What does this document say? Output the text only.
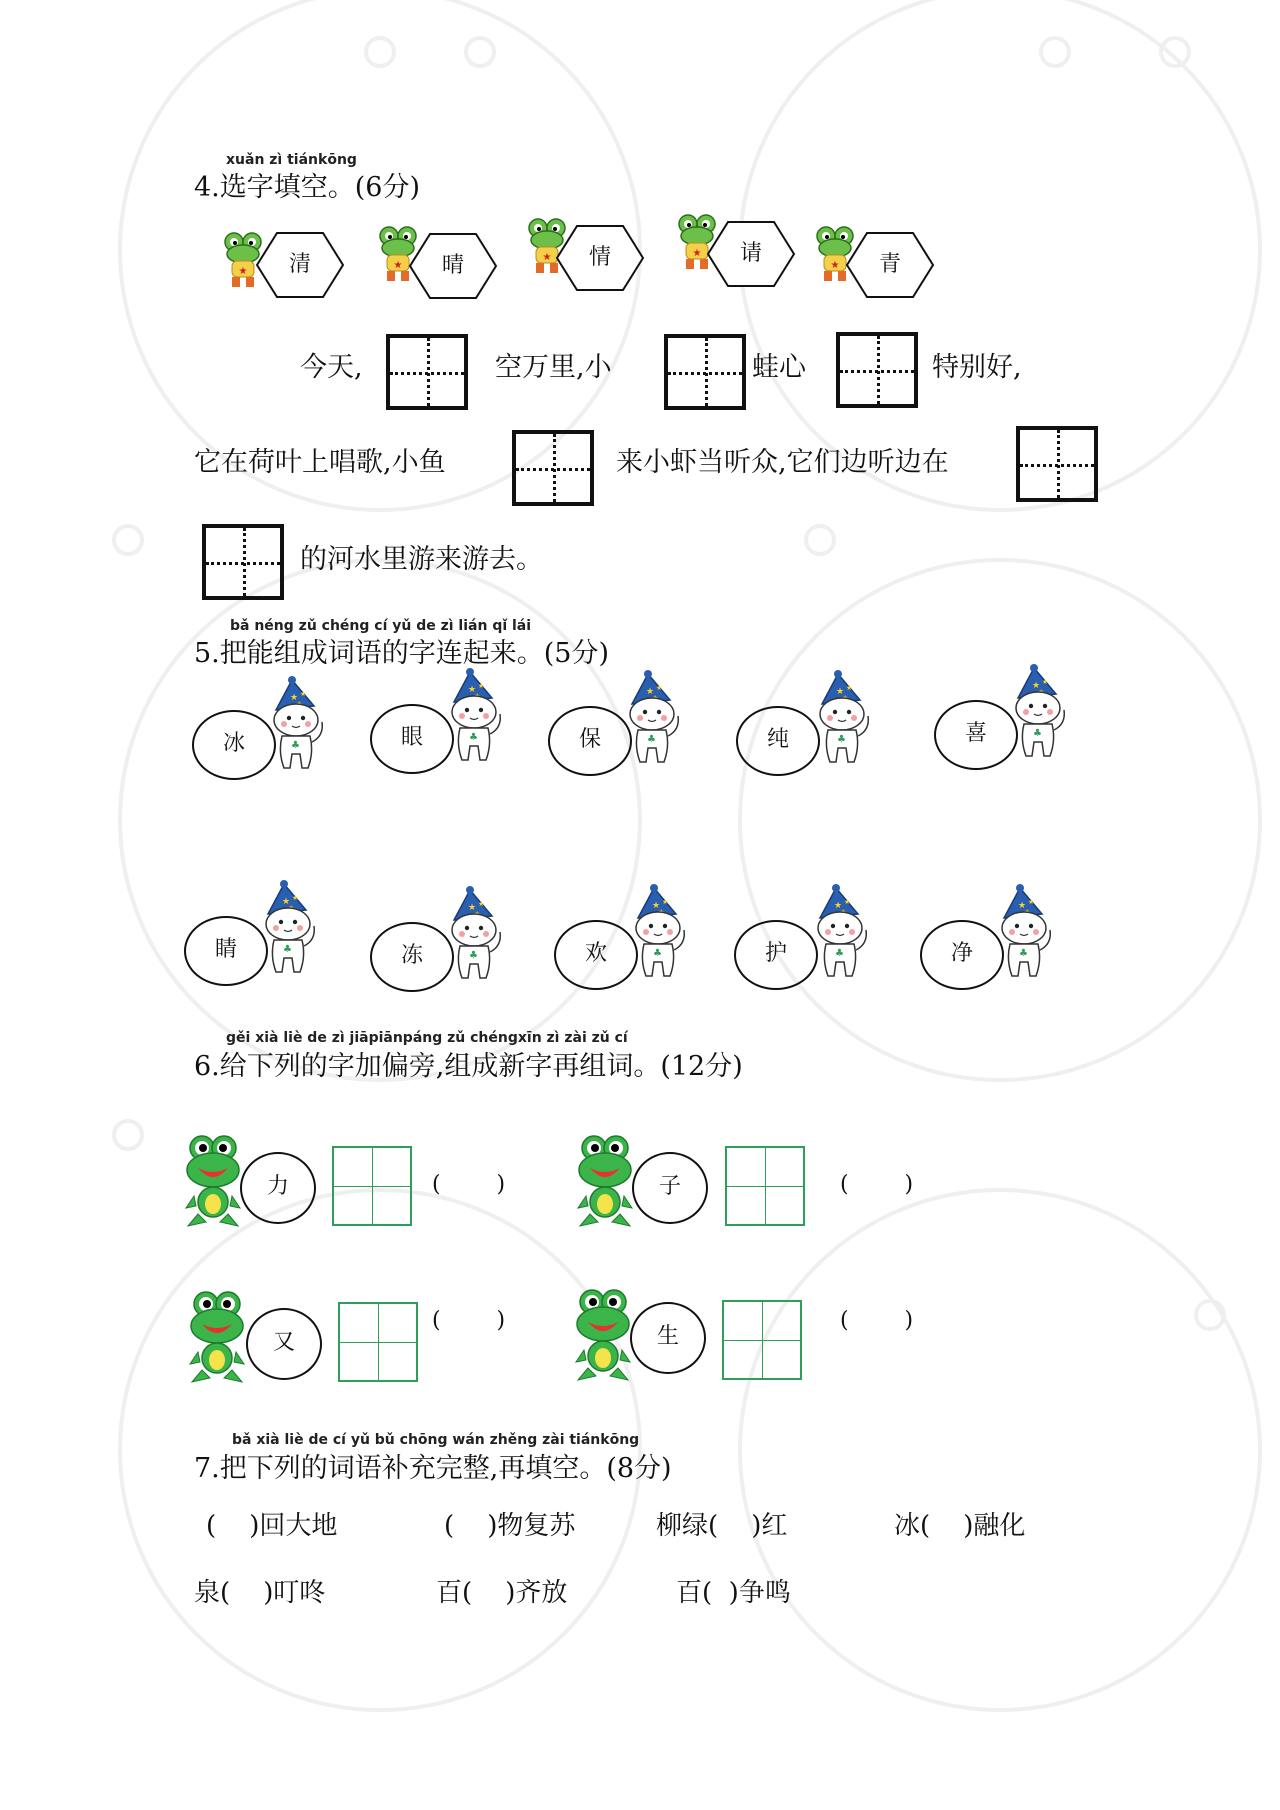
xuǎn zì tiánkōng
4.选字填空。(6分)
★	清	★	晴	★	情	★	请	★	青
今天,	空万里,小	蛙心	特别好,
它在荷叶上唱歌,小鱼	来小虾当听众,它们边听边在
的河水里游来游去。
bǎ néng zǔ chéng cí yǔ de zì lián qǐ lái
5.把能组成词语的字连起来。(5分)
冰	眼	保	纯	喜
睛	冻	欢	护	净
gěi xià liè de zì jiāpiānpáng zǔ chéngxīn zì zài zǔ cí
6.给下列的字加偏旁,组成新字再组词。(12分)
力	(        )	子	(        )
又
(        )
生
(        )
bǎ xià liè de cí yǔ bǔ chōng wán zhěng zài tiánkōng
7.把下列的词语补充完整,再填空。(8分)
(    )回大地	(    )物复苏	柳绿(    )红	冰(    )融化
泉(    )叮咚	百(    )齐放	百(  )争鸣
